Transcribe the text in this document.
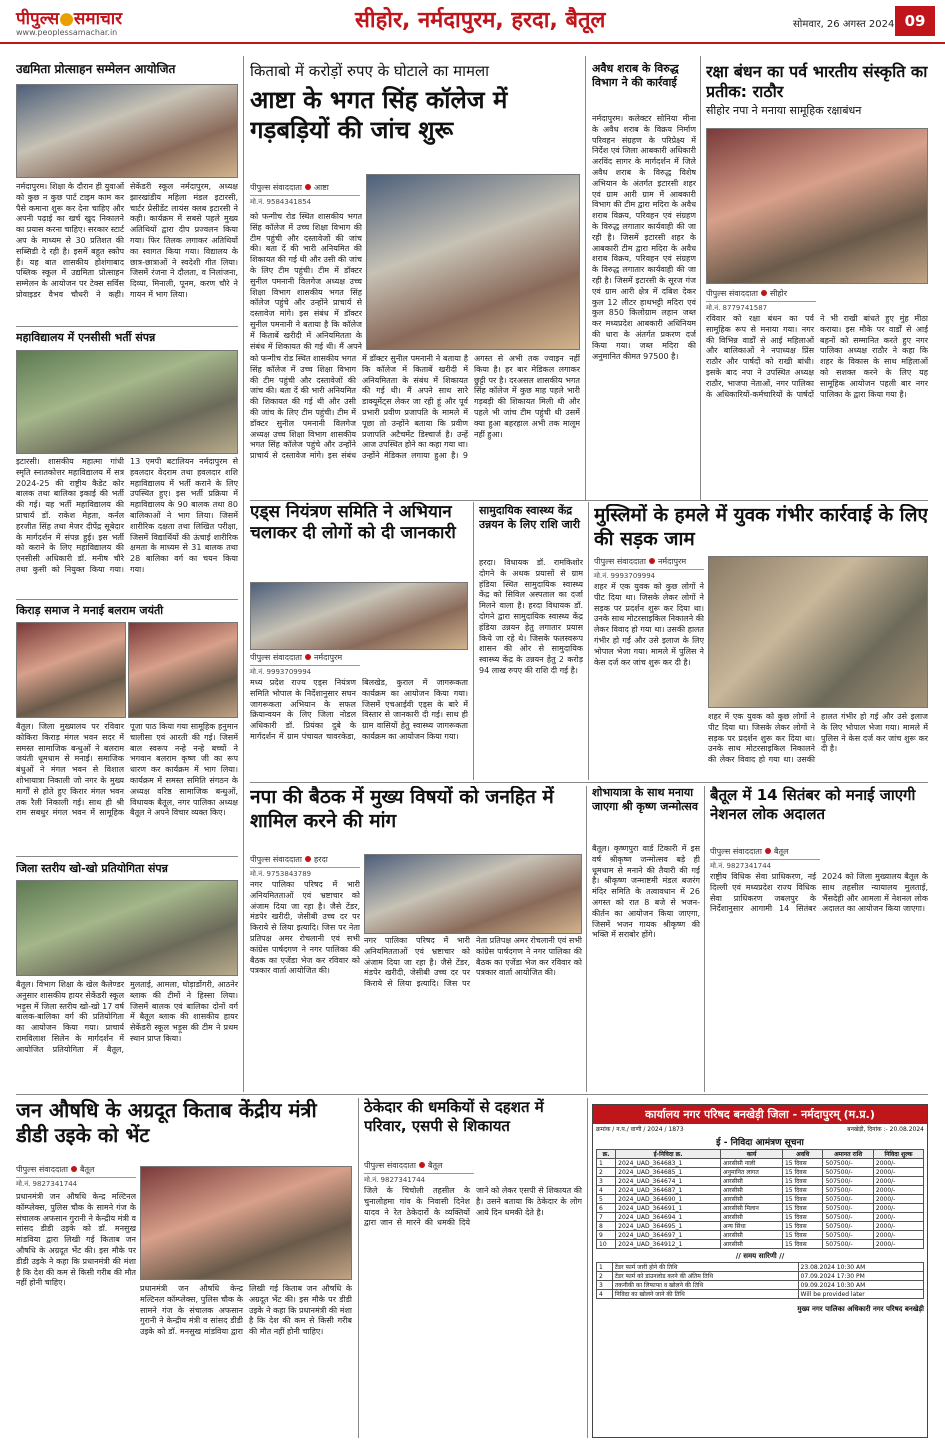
पीपुल्स●समाचार
www.peoplessamachar.in	सीहोर, नर्मदापुरम, हरदा, बैतूल	सोमवार, 26 अगस्त 2024 09
उद्यमिता प्रोत्साहन सम्मेलन आयोजित
नर्मदापुरम। शिक्षा के दौरान ही युवाओं को कुछ न कुछ पार्ट टाइम काम कर पैसे कमाना शुरू कर देना चाहिए और अपनी पढ़ाई का खर्च खुद निकालने का प्रयास करना चाहिए। सरकार स्टार्ट अप के माध्यम से 30 प्रतिशत की सब्सिडी दे रही है। इसमें बहुत स्कोप हैं। यह बात शासकीय होशंगाबाद पब्लिक स्कूल में उद्यमिता प्रोत्साहन सम्मेलन के आयोजन पर टेक्स सर्विस प्रोवाइडर वैभव चौधरी ने कही। सेकेंडरी स्कूल नर्मदापुरम, अध्यक्ष झारखांडीय महिला मंडल इटारसी, चार्टर प्रेसीडेंट लायंस क्लब इटारसी ने कही। कार्यक्रम में सबसे पहले मुख्य अतिथियों द्वारा दीप प्रज्वलन किया गया। फिर तिलक लगाकर अतिथियों का स्वागत किया गया। विद्यालय के छात्र-छात्राओं ने स्वदेशी गीत लिया। जिसमें रंजना ने दौलता, व निलांजना, दिव्या, मिनाली, पूनम, करण चौरे ने गायन में भाग लिया।
महाविद्यालय में एनसीसी भर्ती संपन्न
इटारसी। शासकीय महात्मा गांधी स्मृति स्नातकोत्तर महाविद्यालय में सत्र 2024-25 की राष्ट्रीय कैडेट कोर बालक तथा बालिका इकाई की भर्ती की गई। यह भर्ती महाविद्यालय की प्राचार्य डॉ. राकेश मेहता, कर्नल हरजीत सिंह तथा मेजर दीपेंद्र सूबेदार के मार्गदर्शन में संपन्न हुई। इस भर्ती को कराने के लिए महाविद्यालय की एनसीसी अधिकारी डॉ. मनीष चौरे तथा कुसी को नियुक्त किया गया। 13 एमपी बटालियन नर्मदापुरम से हवलदार वेदराम तथा हवलदार शशि महाविद्यालय में भर्ती कराने के लिए उपस्थित हुए। इस भर्ती प्रक्रिया में महाविद्यालय के 90 बालक तथा 80 बालिकाओं ने भाग लिया। जिसमें शारीरिक दक्षता तथा लिखित परीक्षा, जिसमें विद्यार्थियों की ऊंचाई शारीरिक क्षमता के माध्यम से 31 बालक तथा 28 बालिका वर्ग का चयन किया गया।
किराड़ समाज ने मनाई बलराम जयंती
बैतूल। जिला मुख्यालय पर रविवार कोकिरा किराड़ मंगल भवन सदर में समस्त सामाजिक बन्धुओं ने बलराम जयंती धूमधाम से मनाई। समाजिक बंधुओं ने मंगल भवन से विशाल शोभायात्रा निकाली जो नगर के मुख्य मार्गों से होते हुए किरार मंगल भवन तक रैली निकाली गई। साथ ही श्री राम सबधुर मंगल भवन में सामूहिक पूजा पाठ किया गया सामूहिक हनुमान चालीसा एवं आरती की गई। जिसमें बाल स्वरूप नन्हे नन्हे बच्चों ने भगवान बलराम कृष्ण जी का रूप धारण कर कार्यक्रम में भाग लिया। कार्यक्रम में समस्त समिति संगठन के अध्यक्ष वरिष्ठ सामाजिक बन्धुओं, विधायक बैतूल, नगर पालिका अध्यक्ष बैतूल ने अपने विचार व्यक्त किए।
जिला स्तरीय खो-खो प्रतियोगिता संपन्न
बैतूल। विभाग शिक्षा के खेल कैलेण्डर अनुसार शासकीय हायर सेकेंडरी स्कूल भड़ूस में जिला स्तरीय खो-खो 17 वर्ष बालक-बालिका वर्ग की प्रतियोगिता का आयोजन किया गया। प्राचार्य रामविलाश सिलेन के मार्गदर्शन में आयोजित प्रतियोगिता में बैतूल, मुलताई, आमला, घोड़ाडोंगरी, आठनेर ब्लाक की टीमों ने हिस्सा लिया। जिसमें बालक एवं बालिका दोनों वर्ग में बैतूल ब्लाक की शासकीय हायर सेकेंडरी स्कूल भड़ूस की टीम ने प्रथम स्थान प्राप्त किया।
किताबो में करोड़ों रुपए के घोटाले का मामला
आष्टा के भगत सिंह कॉलेज में गड़बड़ियों की जांच शुरू
पीपुल्स संवाददाता आष्टा
मो.नं. 9584341854
को फन्गीच रोड स्थित शासकीय भगत सिंह कॉलेज में उच्च शिक्षा विभाग की टीम पहुंची और दस्तावेजों की जांच की। बता दें की भारी अनियमित की शिकायत की गई थी और उसी की जांच के लिए टीम पहुंची। टीम में डॉक्टर सुनील पमनानी विलगेज अध्यक्ष उच्च शिक्षा विभाग शासकीय भगत सिंह कॉलेज पहुंचे और उन्होंने प्राचार्य से दस्तावेज मांगे। इस संबंध में डॉक्टर सुनील पमनानी ने बताया है कि कॉलेज में किताबें खरीदी में अनियमितता के संबंध में शिकायत की गई थी। मैं अपने
को फन्गीच रोड स्थित शासकीय भगत सिंह कॉलेज में उच्च शिक्षा विभाग की टीम पहुंची और दस्तावेजों की जांच की। बता दें की भारी अनियमित की शिकायत की गई थी और उसी की जांच के लिए टीम पहुंची। टीम में डॉक्टर सुनील पमनानी विलगेज अध्यक्ष उच्च शिक्षा विभाग शासकीय भगत सिंह कॉलेज पहुंचे और उन्होंने प्राचार्य से दस्तावेज मांगे। इस संबंध में डॉक्टर सुनील पमनानी ने बताया है कि कॉलेज में किताबें खरीदी में अनियमितता के संबंध में शिकायत की गई थी। मैं अपने साथ सारे डाक्यूमेंट्स लेकर जा रही हूं और पूर्व प्रभारी प्रवीण प्रजापति के मामले में पूछा तो उन्होंने बताया कि प्रवीण प्रजापति अटैचमेंट डिस्चार्ज है। उन्हें आज उपस्थित होने का कहा गया था। उन्होंने मेडिकल लगाया हुआ है। 9 अगस्त से अभी तक ज्वाइन नहीं किया है। हर बार मेडिकल लगाकर छुट्टी पर है। दरअसल शासकीय भगत सिंह कॉलेज में कुछ माह पहले भारी गड़बड़ी की शिकायत मिली थी और पहले भी जांच टीम पहुंची थी उसमें क्या हुआ बहरहाल अभी तक मालूम नहीं हुआ।
अवैध शराब के विरुद्ध विभाग ने की कार्रवाई
नर्मदापुरम। कलेक्टर सोनिया मीना के अवैध शराब के विक्रय निर्माण परिवहन संग्रहण के परिप्रेक्ष्य में निर्देश एवं जिला आबकारी अधिकारी अरविंद सागर के मार्गदर्शन में जिले अवैध शराब के विरुद्ध विशेष अभियान के अंतर्गत इटारसी शहर एवं ग्राम आरी ग्राम में आबकारी विभाग की टीम द्वारा मदिरा के अवैध शराब विक्रय, परिवहन एवं संग्रहण के विरुद्ध लगातार कार्यवाही की जा रही है। जिसमें इटारसी शहर के आबकारी टीम द्वारा मदिरा के अवैध शराब विक्रय, परिवहन एवं संग्रहण के विरुद्ध लगातार कार्यवाही की जा रही है। जिसमें इटारसी के सूरज गंज एवं ग्राम आरी क्षेत्र में दबिश देकर कुल 12 लीटर हाथभट्टी मदिरा एवं कुल 850 किलोग्राम लहान जब्त कर मध्यप्रदेश आबकारी अधिनियम की धारा के अंतर्गत प्रकरण दर्ज किया गया। जब्त मदिरा की अनुमानित कीमत 97500 है।
रक्षा बंधन का पर्व भारतीय संस्कृति का प्रतीक: राठौर
सीहोर नपा ने मनाया सामूहिक रक्षाबंधन
पीपुल्स संवाददाता सीहोर
मो.नं. 8779741587
रविवार को रक्षा बंधन का पर्व सामूहिक रूप से मनाया गया। नगर की विभिन्न वार्डों से आई महिलाओं और बालिकाओं ने नपाध्यक्ष प्रिंस राठौर और पार्षदों को राखी बांधी। इसके बाद नपा ने उपस्थित अध्यक्ष राठौर, भाजपा नेताओं, नगर पालिका के अधिकारियों-कर्मचारियों के पार्षदों ने भी राखी बांधते हुए मुंह मीठा कराया। इस मौके पर वार्डों से आई बहनों को सम्मानित करते हुए नगर पालिका अध्यक्ष राठौर ने कहा कि शहर के विकास के साथ महिलाओं को सशक्त करने के लिए यह सामूहिक आयोजन पहली बार नगर पालिका के द्वारा किया गया है।
एड्स नियंत्रण समिति ने अभियान चलाकर दी लोगों को दी जानकारी
पीपुल्स संवाददाता नर्मदापुरम
मो.नं. 9993709994
मध्य प्रदेश राज्य एड्स नियंत्रण समिति भोपाल के निर्देशानुसार सघन जागरूकता अभियान के सफल क्रियान्वयन के लिए जिला नोडल अधिकारी डॉ. प्रियंका दुबे के मार्गदर्शन में ग्राम पंचायत चावरकेडा, बिलखेड, कुराल में जागरूकता कार्यक्रम का आयोजन किया गया। जिसमें एचआईवी एड्स के बारे में विस्तार से जानकारी दी गई। साथ ही ग्राम वासियों हेतु स्वास्थ्य जागरूकता कार्यक्रम का आयोजन किया गया।
सामुदायिक स्वास्थ्य केंद्र उन्नयन के लिए राशि जारी
हरदा। विधायक डॉ. रामकिशोर दोगने के अथक प्रयासों से ग्राम हंडिया स्थित सामुदायिक स्वास्थ्य केंद्र को सिविल अस्पताल का दर्जा मिलने वाला है। हरदा विधायक डॉ. दोगने द्वारा सामुदायिक स्वास्थ्य केंद्र हंडिया उन्नयन हेतु लगातार प्रयास किये जा रहे थे। जिसके फलस्वरूप शासन की ओर से सामुदायिक स्वास्थ्य केंद्र के उन्नयन हेतु 2 करोड़ 94 लाख रुपए की राशि दी गई है।
मुस्लिमों के हमले में युवक गंभीर कार्रवाई के लिए की सड़क जाम
पीपुल्स संवाददाता नर्मदापुरम
मो.नं. 9993709994
शहर में एक युवक को कुछ लोगों ने पीट दिया था। जिसके लेकर लोगों ने सड़क पर प्रदर्शन शुरू कर दिया था। उनके साथ मोटरसाइकिल निकालने की लेकर विवाद हो गया था। उसकी हालत गंभीर हो गई और उसे इलाज के लिए भोपाल भेजा गया। मामले में पुलिस ने केस दर्ज कर जांच शुरू कर दी है।
शहर में एक युवक को कुछ लोगों ने पीट दिया था। जिसके लेकर लोगों ने सड़क पर प्रदर्शन शुरू कर दिया था। उनके साथ मोटरसाइकिल निकालने की लेकर विवाद हो गया था। उसकी हालत गंभीर हो गई और उसे इलाज के लिए भोपाल भेजा गया। मामले में पुलिस ने केस दर्ज कर जांच शुरू कर दी है।
नपा की बैठक में मुख्य विषयों को जनहित में शामिल करने की मांग
पीपुल्स संवाददाता हरदा
मो.नं. 9753843789
नगर पालिका परिषद में भारी अनियमितताओं एवं भ्रष्टाचार को अंजाम दिया जा रहा है। जैसे टेंडर, मंडपेर खरीदी, जेसीबी उच्च दर पर किराये से लिया इत्यादि। जिस पर नेता प्रतिपक्ष अमर रोचलानी एवं सभी कांग्रेस पार्षदगण ने नगर पालिका की बैठक का एजेंडा भेज कर रविवार को पत्रकार वार्ता आयोजित की।
नगर पालिका परिषद में भारी अनियमितताओं एवं भ्रष्टाचार को अंजाम दिया जा रहा है। जैसे टेंडर, मंडपेर खरीदी, जेसीबी उच्च दर पर किराये से लिया इत्यादि। जिस पर नेता प्रतिपक्ष अमर रोचलानी एवं सभी कांग्रेस पार्षदगण ने नगर पालिका की बैठक का एजेंडा भेज कर रविवार को पत्रकार वार्ता आयोजित की।
शोभायात्रा के साथ मनाया जाएगा श्री कृष्ण जन्मोत्सव
बैतूल। कृष्णपुरा वार्ड टिकारी में इस वर्ष श्रीकृष्ण जन्मोत्सव बड़े ही धूमधाम से मनाने की तैयारी की गई है। श्रीकृष्ण जन्माष्टमी मंडल बजरंग मंदिर समिति के तत्वावधान में 26 अगस्त को रात 8 बजे से भजन-कीर्तन का आयोजन किया जाएगा, जिसमें भजन गायक श्रीकृष्ण की भक्ति में सराबोर होंगे।
बैतूल में 14 सितंबर को मनाई जाएगी नेशनल लोक अदालत
पीपुल्स संवाददाता बैतूल
मो.नं. 9827341744
राष्ट्रीय विधिक सेवा प्राधिकरण, नई दिल्ली एवं मध्यप्रदेश राज्य विधिक सेवा प्राधिकरण जबलपुर के निर्देशानुसार आगामी 14 सितंबर 2024 को जिला मुख्यालय बैतूल के साथ तहसील न्यायालय मुलताई, भैंसदेही और आमला में नेशनल लोक अदालत का आयोजन किया जाएगा।
जन औषधि के अग्रदूत किताब केंद्रीय मंत्री डीडी उइके को भेंट
पीपुल्स संवाददाता बैतूल
मो.नं. 9827341744
प्रधानमंत्री जन औषधि केन्द्र मल्टिनल कॉम्प्लेक्स, पुलिस चौक के सामने गंज के संचालक अफसान गुरानी ने केन्द्रीय मंत्री व सांसद डीडी उइके को डॉ. मनसुख मांडविया द्वारा लिखी गई किताब जन औषधि के अग्रदूत भेंट की। इस मौके पर डीडी उइके ने कहा कि प्रधानमंत्री की मंशा है कि देश की कम से किसी गरीब की मौत नहीं होनी चाहिए।
प्रधानमंत्री जन औषधि केन्द्र मल्टिनल कॉम्प्लेक्स, पुलिस चौक के सामने गंज के संचालक अफसान गुरानी ने केन्द्रीय मंत्री व सांसद डीडी उइके को डॉ. मनसुख मांडविया द्वारा लिखी गई किताब जन औषधि के अग्रदूत भेंट की। इस मौके पर डीडी उइके ने कहा कि प्रधानमंत्री की मंशा है कि देश की कम से किसी गरीब की मौत नहीं होनी चाहिए।
ठेकेदार की धमकियों से दहशत में परिवार, एसपी से शिकायत
पीपुल्स संवाददाता बैतूल
मो.नं. 9827341744
जिले के चिचोली तहसील के चुनालोहमा गांव के निवासी दिनेश यादव ने रेत ठेकेदारों के व्यक्तियों द्वारा जान से मारने की धमकी दिये जाने को लेकर एसपी से शिकायत की है। उसने बताया कि ठेकेदार के लोग आये दिन धमकी देते है।
कार्यालय नगर परिषद बनखेड़ी जिला - नर्मदापुरम् (म.प्र.)
क्रमांक / न.प./ वाणी / 2024 / 1873	बनखेड़ी, दिनांक :- 20.08.2024
ई - निविदा आमंत्रण सूचना
क्र.	ई-निविदा क्र.	कार्य	अवधि	अमानत राशि	निविदा शुल्क
1	2024_UAD_364683_1	आरसीसी नाली	15 दिवस	507500/-	2000/-
2	2024_UAD_364685_1	अनुमानित लागत	15 दिवस	507500/-	2000/-
3	2024_UAD_364674_1	आरसीसी	15 दिवस	507500/-	2000/-
4	2024_UAD_364687_1	आरसीसी	15 दिवस	507500/-	2000/-
5	2024_UAD_364690_1	आरसीसी	15 दिवस	507500/-	2000/-
6	2024_UAD_364691_1	आरसीसी मिलान	15 दिवस	507500/-	2000/-
7	2024_UAD_364694_1	आरसीसी	15 दिवस	507500/-	2000/-
8	2024_UAD_364695_1	अन्य सिंधा	15 दिवस	507500/-	2000/-
9	2024_UAD_364697_1	आरसीसी	15 दिवस	507500/-	2000/-
10	2024_UAD_364912_1	आरसीसी	15 दिवस	507500/-	2000/-
// समय सारिणी //
1	टेंडर फार्म जारी होने की तिथि	23.08.2024 10:30 AM
2	टेंडर फार्म को डाउनलोड करने की अंतिम तिथि	07.09.2024 17:30 PM
3	तकनीकी का लिफाफा व खोलने की तिथि	09.09.2024 10:30 AM
4	निविदा का खोलने जाने की तिथि	Will be provided later
मुख्य नगर पालिका अधिकारी नगर परिषद बनखेड़ी
